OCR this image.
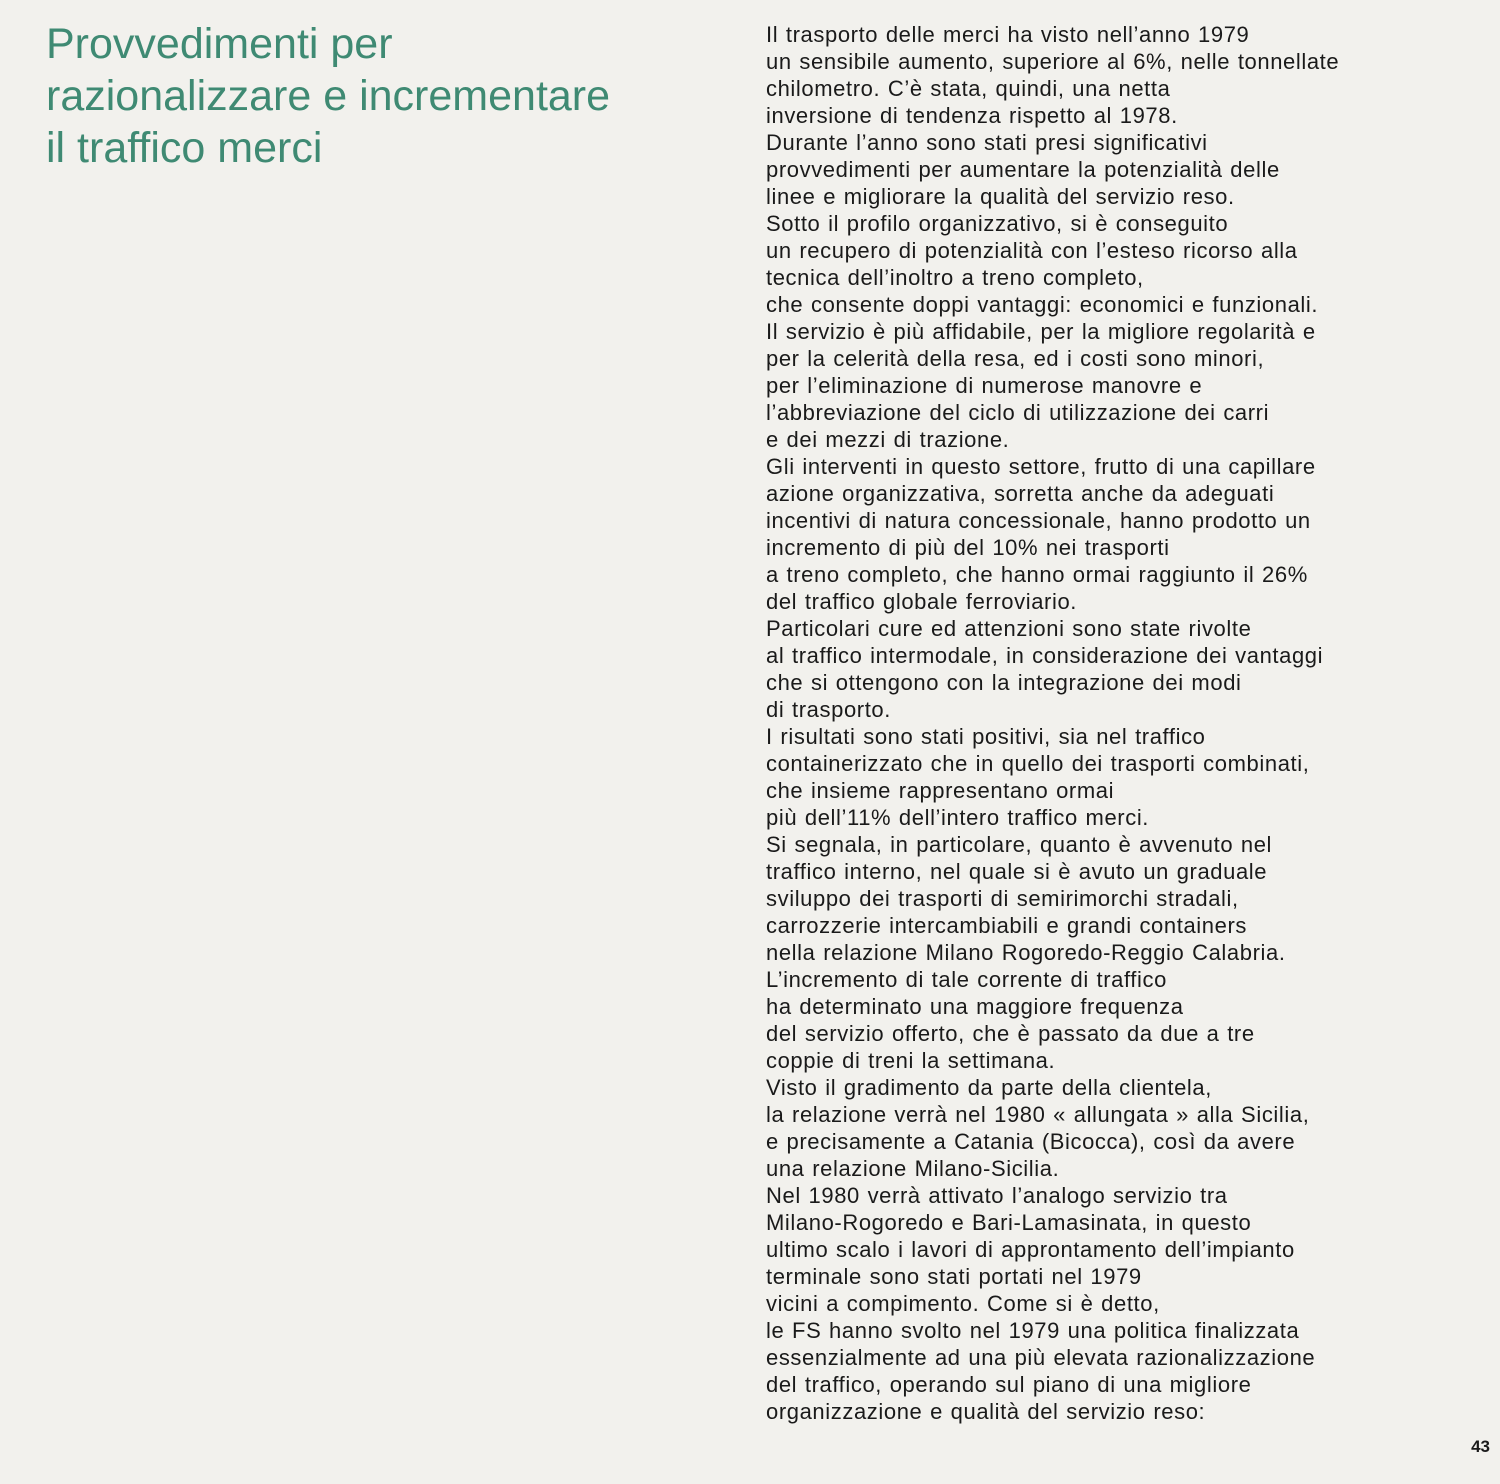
Provvedimenti per
razionalizzare e incrementare
il traffico merci
Il trasporto delle merci ha visto nell’anno 1979
un sensibile aumento, superiore al 6%, nelle tonnellate
chilometro. C’è stata, quindi, una netta
inversione di tendenza rispetto al 1978.
Durante l’anno sono stati presi significativi
provvedimenti per aumentare la potenzialità delle
linee e migliorare la qualità del servizio reso.
Sotto il profilo organizzativo, si è conseguito
un recupero di potenzialità con l’esteso ricorso alla
tecnica dell’inoltro a treno completo,
che consente doppi vantaggi: economici e funzionali.
Il servizio è più affidabile, per la migliore regolarità e
per la celerità della resa, ed i costi sono minori,
per l’eliminazione di numerose manovre e
l’abbreviazione del ciclo di utilizzazione dei carri
e dei mezzi di trazione.
Gli interventi in questo settore, frutto di una capillare
azione organizzativa, sorretta anche da adeguati
incentivi di natura concessionale, hanno prodotto un
incremento di più del 10% nei trasporti
a treno completo, che hanno ormai raggiunto il 26%
del traffico globale ferroviario.
Particolari cure ed attenzioni sono state rivolte
al traffico intermodale, in considerazione dei vantaggi
che si ottengono con la integrazione dei modi
di trasporto.
I risultati sono stati positivi, sia nel traffico
containerizzato che in quello dei trasporti combinati,
che insieme rappresentano ormai
più dell’11% dell’intero traffico merci.
Si segnala, in particolare, quanto è avvenuto nel
traffico interno, nel quale si è avuto un graduale
sviluppo dei trasporti di semirimorchi stradali,
carrozzerie intercambiabili e grandi containers
nella relazione Milano Rogoredo-Reggio Calabria.
L’incremento di tale corrente di traffico
ha determinato una maggiore frequenza
del servizio offerto, che è passato da due a tre
coppie di treni la settimana.
Visto il gradimento da parte della clientela,
la relazione verrà nel 1980 « allungata » alla Sicilia,
e precisamente a Catania (Bicocca), così da avere
una relazione Milano-Sicilia.
Nel 1980 verrà attivato l’analogo servizio tra
Milano-Rogoredo e Bari-Lamasinata, in questo
ultimo scalo i lavori di approntamento dell’impianto
terminale sono stati portati nel 1979
vicini a compimento. Come si è detto,
le FS hanno svolto nel 1979 una politica finalizzata
essenzialmente ad una più elevata razionalizzazione
del traffico, operando sul piano di una migliore
organizzazione e qualità del servizio reso:
43
